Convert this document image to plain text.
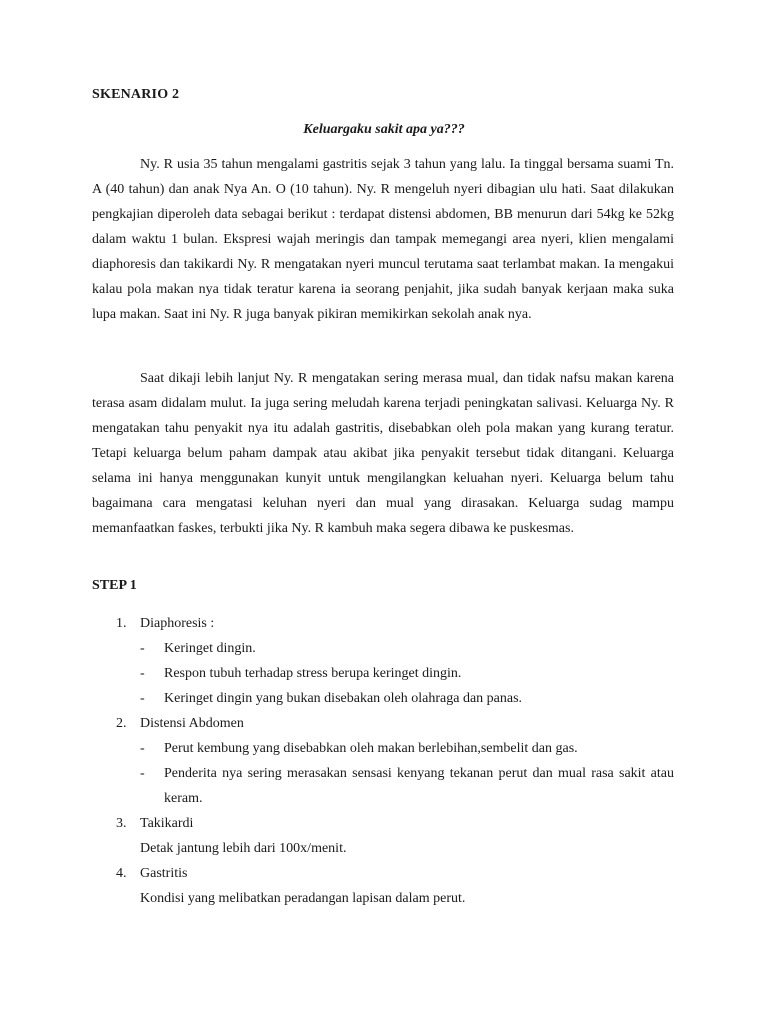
SKENARIO 2
Keluargaku sakit apa ya???

Ny. R usia 35 tahun mengalami gastritis sejak 3 tahun yang lalu. Ia tinggal bersama suami Tn. A (40 tahun) dan anak Nya An. O (10 tahun). Ny. R mengeluh nyeri dibagian ulu hati. Saat dilakukan pengkajian diperoleh data sebagai berikut : terdapat distensi abdomen, BB menurun dari 54kg ke 52kg dalam waktu 1 bulan. Ekspresi wajah meringis dan tampak memegangi area nyeri, klien mengalami diaphoresis dan takikardi Ny. R mengatakan nyeri muncul terutama saat terlambat makan. Ia mengakui kalau pola makan nya tidak teratur karena ia seorang penjahit, jika sudah banyak kerjaan maka suka lupa makan. Saat ini Ny. R juga banyak pikiran memikirkan sekolah anak nya.

Saat dikaji lebih lanjut Ny. R mengatakan sering merasa mual, dan tidak nafsu makan karena terasa asam didalam mulut. Ia juga sering meludah karena terjadi peningkatan salivasi. Keluarga Ny. R mengatakan tahu penyakit nya itu adalah gastritis, disebabkan oleh pola makan yang kurang teratur. Tetapi keluarga belum paham dampak atau akibat jika penyakit tersebut tidak ditangani. Keluarga selama ini hanya menggunakan kunyit untuk mengilangkan keluahan nyeri. Keluarga belum tahu bagaimana cara mengatasi keluhan nyeri dan mual yang dirasakan. Keluarga sudag mampu memanfaatkan faskes, terbukti jika Ny. R kambuh maka segera dibawa ke puskesmas.

STEP 1
1. Diaphoresis :
- Keringet dingin.
- Respon tubuh terhadap stress berupa keringet dingin.
- Keringet dingin yang bukan disebakan oleh olahraga dan panas.
2. Distensi Abdomen
- Perut kembung yang disebabkan oleh makan berlebihan,sembelit dan gas.
- Penderita nya sering merasakan sensasi kenyang tekanan perut dan mual rasa sakit atau keram.
3. Takikardi
Detak jantung lebih dari 100x/menit.
4. Gastritis
Kondisi yang melibatkan peradangan lapisan dalam perut.
